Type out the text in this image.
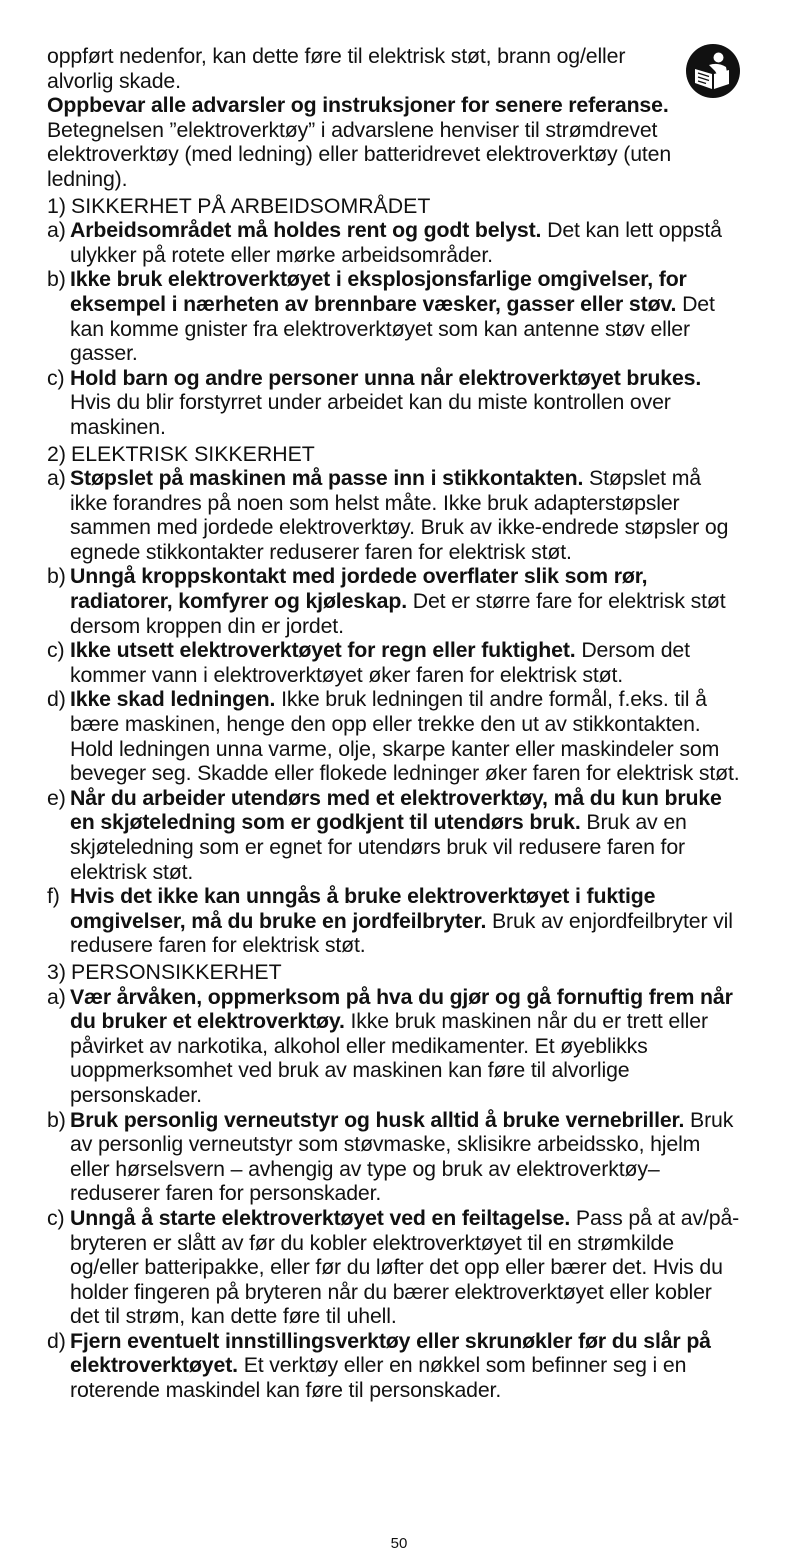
oppført nedenfor, kan dette føre til elektrisk støt, brann og/eller alvorlig skade.

Oppbevar alle advarsler og instruksjoner for senere referanse.

Betegnelsen ”elektroverktøy” i advarslene henviser til strømdrevet elektroverktøy (med ledning) eller batteridrevet elektroverktøy (uten ledning).

1) SIKKERHET PÅ ARBEIDSOMRÅDET
a) Arbeidsområdet må holdes rent og godt belyst. Det kan lett oppstå ulykker på rotete eller mørke arbeidsområder.
b) Ikke bruk elektroverktøyet i eksplosjonsfarlige omgivelser, for eksempel i nærheten av brennbare væsker, gasser eller støv. Det kan komme gnister fra elektroverktøyet som kan antenne støv eller gasser.
c) Hold barn og andre personer unna når elektroverktøyet brukes. Hvis du blir forstyrret under arbeidet kan du miste kontrollen over maskinen.
2) ELEKTRISK SIKKERHET
a) Støpslet på maskinen må passe inn i stikkontakten. Støpslet må ikke forandres på noen som helst måte. Ikke bruk adapterstøpsler sammen med jordede elektroverktøy. Bruk av ikke-endrede støpsler og egnede stikkontakter reduserer faren for elektrisk støt.
b) Unngå kroppskontakt med jordede overflater slik som rør, radiatorer, komfyrer og kjøleskap. Det er større fare for elektrisk støt dersom kroppen din er jordet.
c) Ikke utsett elektroverktøyet for regn eller fuktighet. Dersom det kommer vann i elektroverktøyet øker faren for elektrisk støt.
d) Ikke skad ledningen. Ikke bruk ledningen til andre formål, f.eks. til å bære maskinen, henge den opp eller trekke den ut av stikkontakten. Hold ledningen unna varme, olje, skarpe kanter eller maskindeler som beveger seg. Skadde eller flokede ledninger øker faren for elektrisk støt.
e) Når du arbeider utendørs med et elektroverktøy, må du kun bruke en skjøteledning som er godkjent til utendørs bruk. Bruk av en skjøteledning som er egnet for utendørs bruk vil redusere faren for elektrisk støt.
f) Hvis det ikke kan unngås å bruke elektroverktøyet i fuktige omgivelser, må du bruke en jordfeilbryter. Bruk av enjordfeilbryter vil redusere faren for elektrisk støt.
3) PERSONSIKKERHET
a) Vær årvåken, oppmerksom på hva du gjør og gå fornuftig frem når du bruker et elektroverktøy. Ikke bruk maskinen når du er trett eller påvirket av narkotika, alkohol eller medikamenter. Et øyeblikks uoppmerksomhet ved bruk av maskinen kan føre til alvorlige personskader.
b) Bruk personlig verneutstyr og husk alltid å bruke vernebriller. Bruk av personlig verneutstyr som støvmaske, sklisikre arbeidssko, hjelm eller hørselsvern – avhengig av type og bruk av elektroverktøy– reduserer faren for personskader.
c) Unngå å starte elektroverktøyet ved en feiltagelse. Pass på at av/på-bryteren er slått av før du kobler elektroverktøyet til en strømkilde og/eller batteripakke, eller før du løfter det opp eller bærer det. Hvis du holder fingeren på bryteren når du bærer elektroverktøyet eller kobler det til strøm, kan dette føre til uhell.
d) Fjern eventuelt innstillingsverktøy eller skrunøkler før du slår på elektroverktøyet. Et verktøy eller en nøkkel som befinner seg i en roterende maskindel kan føre til personskader.
50
